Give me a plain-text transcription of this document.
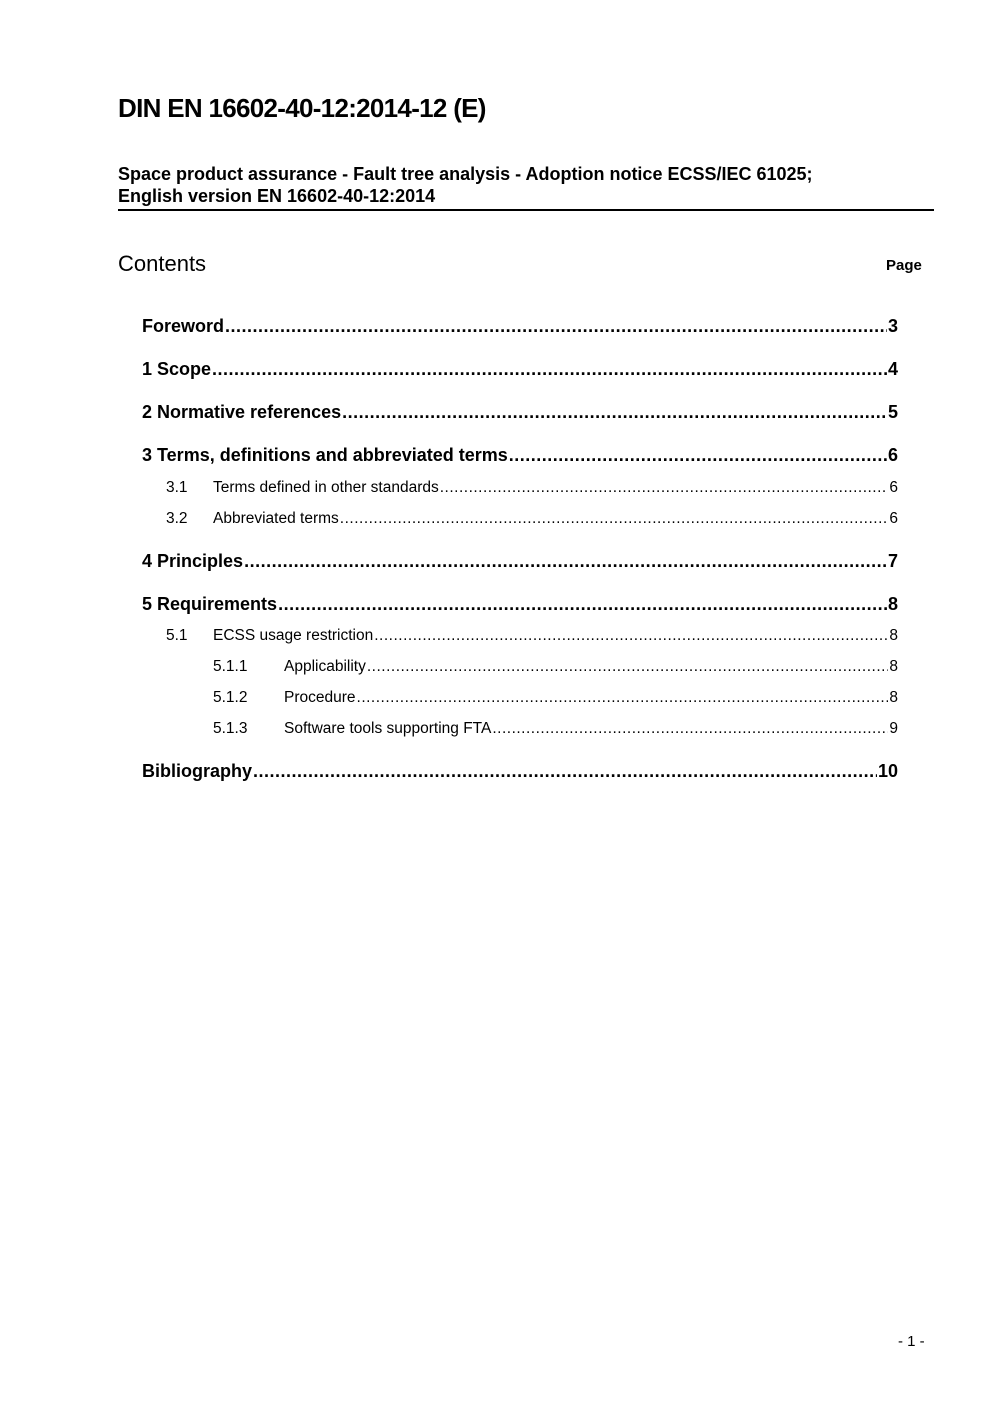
DIN EN 16602-40-12:2014-12 (E)
Space product assurance - Fault tree analysis - Adoption notice ECSS/IEC 61025;
English version EN 16602-40-12:2014
Contents	Page
Foreword .....	3
1 Scope .....	4
2 Normative references .....	5
3 Terms, definitions and abbreviated terms .....	6
3.1	Terms defined in other standards .....	6
3.2	Abbreviated terms .....	6
4 Principles .....	7
5 Requirements .....	8
5.1	ECSS usage restriction .....	8
5.1.1	Applicability .....	8
5.1.2	Procedure .....	8
5.1.3	Software tools supporting FTA .....	9
Bibliography .....	10
- 1 -
